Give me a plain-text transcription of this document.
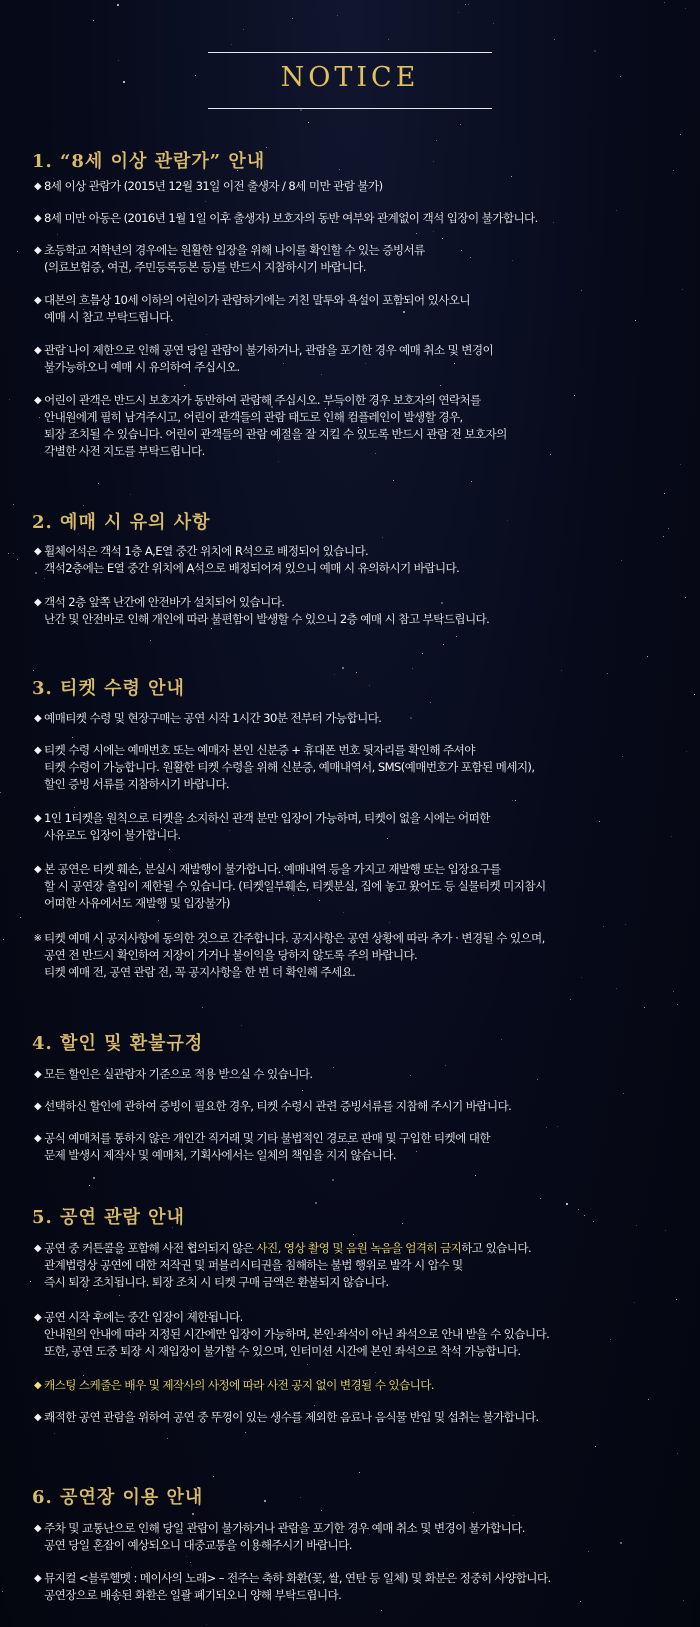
NOTICE
1. “8세 이상 관람가” 안내
◆ 8세 이상 관람가 (2015년 12월 31일 이전 출생자 / 8세 미만 관람 불가)
◆ 8세 미만 아동은 (2016년 1월 1일 이후 출생자) 보호자의 동반 여부와 관계없이 객석 입장이 불가합니다.
◆ 초등학교 저학년의 경우에는 원활한 입장을 위해 나이를 확인할 수 있는 증빙서류
(의료보험증, 여권, 주민등록등본 등)를 반드시 지참하시기 바랍니다.
◆ 대본의 흐름상 10세 이하의 어린이가 관람하기에는 거친 말투와 욕설이 포함되어 있사오니
예매 시 참고 부탁드립니다.
◆ 관람 나이 제한으로 인해 공연 당일 관람이 불가하거나, 관람을 포기한 경우 예매 취소 및 변경이
불가능하오니 예매 시 유의하여 주십시오.
◆ 어린이 관객은 반드시 보호자가 동반하여 관람해 주십시오. 부득이한 경우 보호자의 연락처를
안내원에게 필히 남겨주시고, 어린이 관객들의 관람 태도로 인해 컴플레인이 발생할 경우,
퇴장 조치될 수 있습니다. 어린이 관객들의 관람 예절을 잘 지킬 수 있도록 반드시 관람 전 보호자의
각별한 사전 지도를 부탁드립니다.
2. 예매 시 유의 사항
◆ 휠체어석은 객석 1층 A,E열 중간 위치에 R석으로 배정되어 있습니다.
객석2층에는 E열 중간 위치에 A석으로 배정되어져 있으니 예매 시 유의하시기 바랍니다.
◆ 객석 2층 앞쪽 난간에 안전바가 설치되어 있습니다.
난간 및 안전바로 인해 개인에 따라 불편함이 발생할 수 있으니 2층 예매 시 참고 부탁드립니다.
3. 티켓 수령 안내
◆ 예매티켓 수령 및 현장구매는 공연 시작 1시간 30분 전부터 가능합니다.
◆ 티켓 수령 시에는 예매번호 또는 예매자 본인 신분증 + 휴대폰 번호 뒷자리를 확인해 주셔야
티켓 수령이 가능합니다. 원활한 티켓 수령을 위해 신분증, 예매내역서, SMS(예매번호가 포함된 메세지),
할인 증빙 서류를 지참하시기 바랍니다.
◆ 1인 1티켓을 원칙으로 티켓을 소지하신 관객 분만 입장이 가능하며, 티켓이 없을 시에는 어떠한
사유로도 입장이 불가합니다.
◆ 본 공연은 티켓 훼손, 분실시 재발행이 불가합니다. 예매내역 등을 가지고 재발행 또는 입장요구를
할 시 공연장 출입이 제한될 수 있습니다. (티켓일부훼손, 티켓분실, 집에 놓고 왔어도 등 실물티켓 미지참시
어떠한 사유에서도 재발행 및 입장불가)
※ 티켓 예매 시 공지사항에 동의한 것으로 간주합니다. 공지사항은 공연 상황에 따라 추가 · 변경될 수 있으며,
공연 전 반드시 확인하여 지장이 가거나 불이익을 당하지 않도록 주의 바랍니다.
티켓 예매 전, 공연 관람 전, 꼭 공지사항을 한 번 더 확인해 주세요.
4. 할인 및 환불규정
◆ 모든 할인은 실관람자 기준으로 적용 받으실 수 있습니다.
◆ 선택하신 할인에 관하여 증빙이 필요한 경우, 티켓 수령시 관련 증빙서류를 지참해 주시기 바랍니다.
◆ 공식 예매처를 통하지 않은 개인간 직거래 및 기타 불법적인 경로로 판매 및 구입한 티켓에 대한
문제 발생시 제작사 및 예매처, 기획사에서는 일체의 책임을 지지 않습니다.
5. 공연 관람 안내
◆ 공연 중 커튼콜을 포함해 사전 협의되지 않은 사진, 영상 촬영 및 음원 녹음을 엄격히 금지하고 있습니다.
관계법령상 공연에 대한 저작권 및 퍼블리시티권을 침해하는 불법 행위로 발각 시 압수 및
즉시 퇴장 조치됩니다. 퇴장 조치 시 티켓 구매 금액은 환불되지 않습니다.
◆ 공연 시작 후에는 중간 입장이 제한됩니다.
안내원의 안내에 따라 지정된 시간에만 입장이 가능하며, 본인 좌석이 아닌 좌석으로 안내 받을 수 있습니다.
또한, 공연 도중 퇴장 시 재입장이 불가할 수 있으며, 인터미션 시간에 본인 좌석으로 착석 가능합니다.
◆ 캐스팅 스케줄은 배우 및 제작사의 사정에 따라 사전 공지 없이 변경될 수 있습니다.
◆ 쾌적한 공연 관람을 위하여 공연 중 뚜껑이 있는 생수를 제외한 음료나 음식물 반입 및 섭취는 불가합니다.
6. 공연장 이용 안내
◆ 주차 및 교통난으로 인해 당일 관람이 불가하거나 관람을 포기한 경우 예매 취소 및 변경이 불가합니다.
공연 당일 혼잡이 예상되오니 대중교통을 이용해주시기 바랍니다.
◆ 뮤지컬 <블루헬멧 : 메이사의 노래> – 전주는 축하 화환(꽃, 쌀, 연탄 등 일체) 및 화분은 정중히 사양합니다.
공연장으로 배송된 화환은 일괄 폐기되오니 양해 부탁드립니다.
